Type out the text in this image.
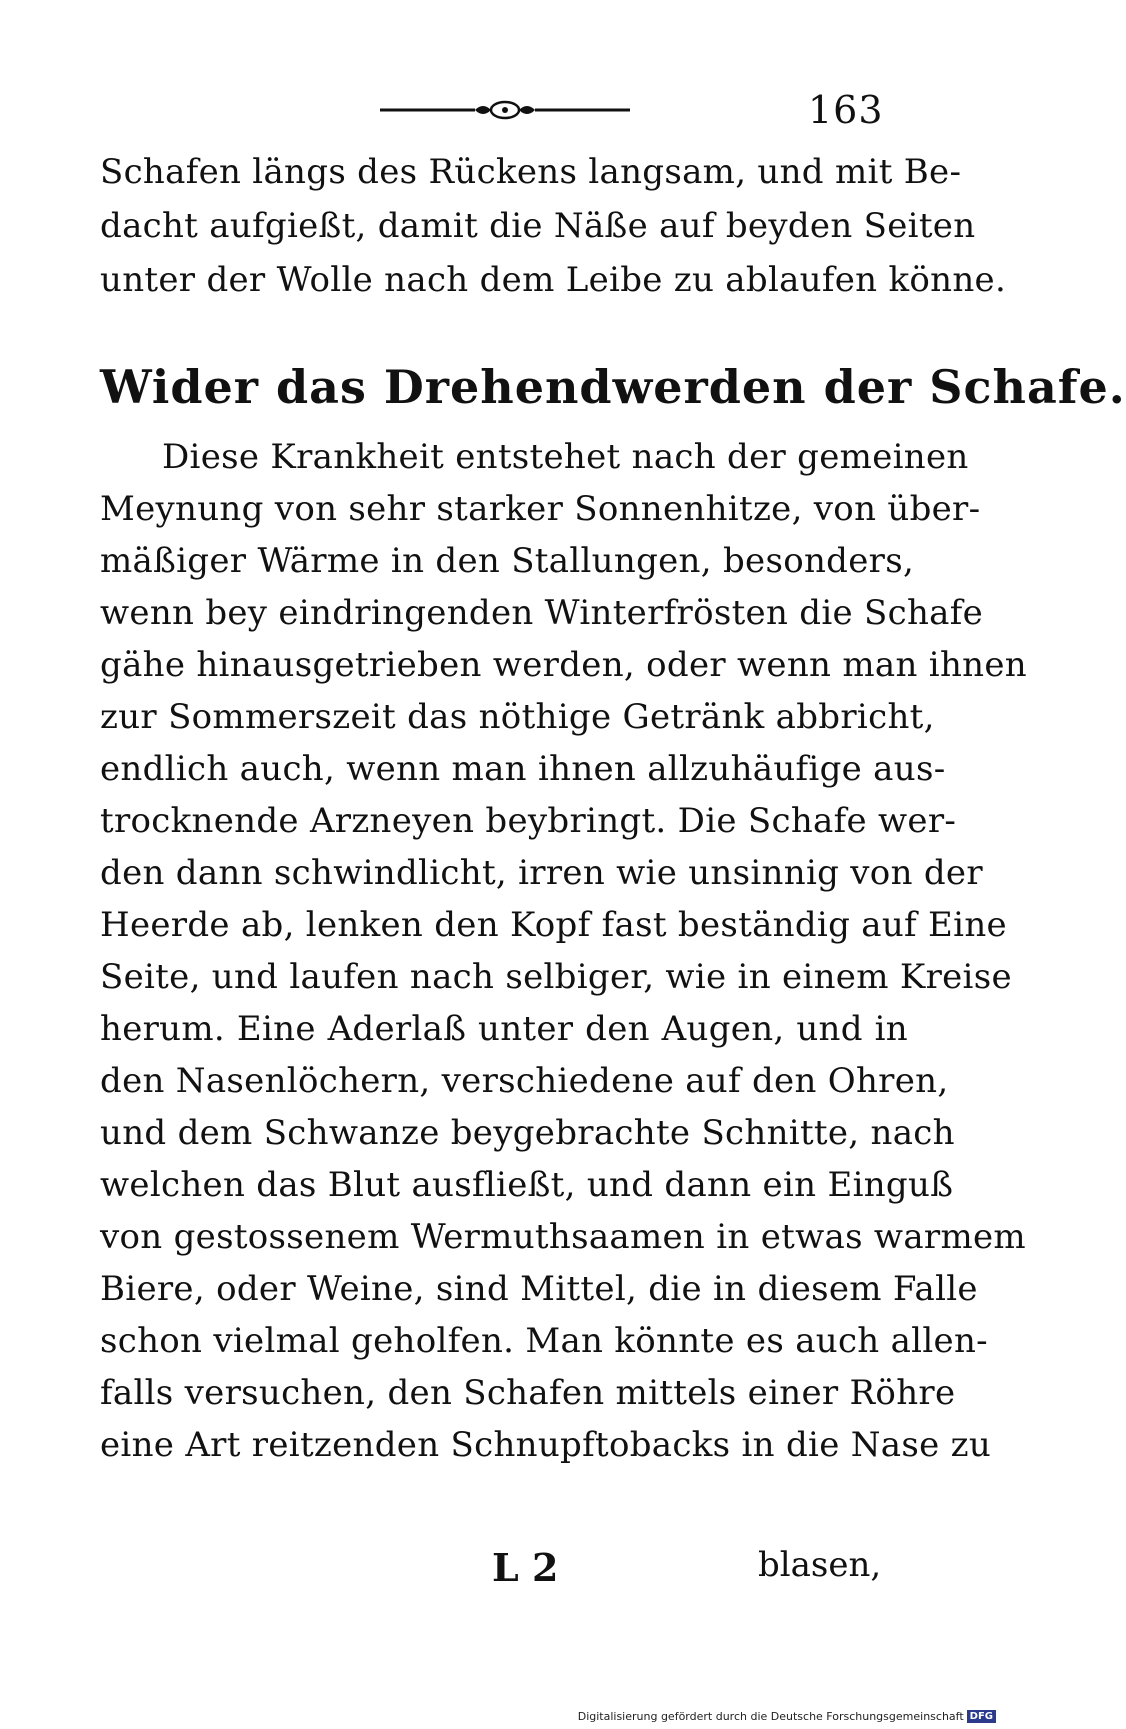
163
Schafen längs des Rückens langsam, und mit Be-
dacht aufgießt, damit die Näße auf beyden Seiten
unter der Wolle nach dem Leibe zu ablaufen könne.
Wider das Drehendwerden der Schafe.
Diese Krankheit entstehet nach der gemeinen
Meynung von sehr starker Sonnenhitze, von über-
mäßiger Wärme in den Stallungen, besonders,
wenn bey eindringenden Winterfrösten die Schafe
gähe hinausgetrieben werden, oder wenn man ihnen
zur Sommerszeit das nöthige Getränk abbricht,
endlich auch, wenn man ihnen allzuhäufige aus-
trocknende Arzneyen beybringt. Die Schafe wer-
den dann schwindlicht, irren wie unsinnig von der
Heerde ab, lenken den Kopf fast beständig auf Eine
Seite, und laufen nach selbiger, wie in einem Kreise
herum. Eine Aderlaß unter den Augen, und in
den Nasenlöchern, verschiedene auf den Ohren,
und dem Schwanze beygebrachte Schnitte, nach
welchen das Blut ausfließt, und dann ein Einguß
von gestossenem Wermuthsaamen in etwas warmem
Biere, oder Weine, sind Mittel, die in diesem Falle
schon vielmal geholfen. Man könnte es auch allen-
falls versuchen, den Schafen mittels einer Röhre
eine Art reitzenden Schnupftobacks in die Nase zu
L 2	blasen,
Digitalisierung gefördert durch die Deutsche Forschungsgemeinschaft DFG
